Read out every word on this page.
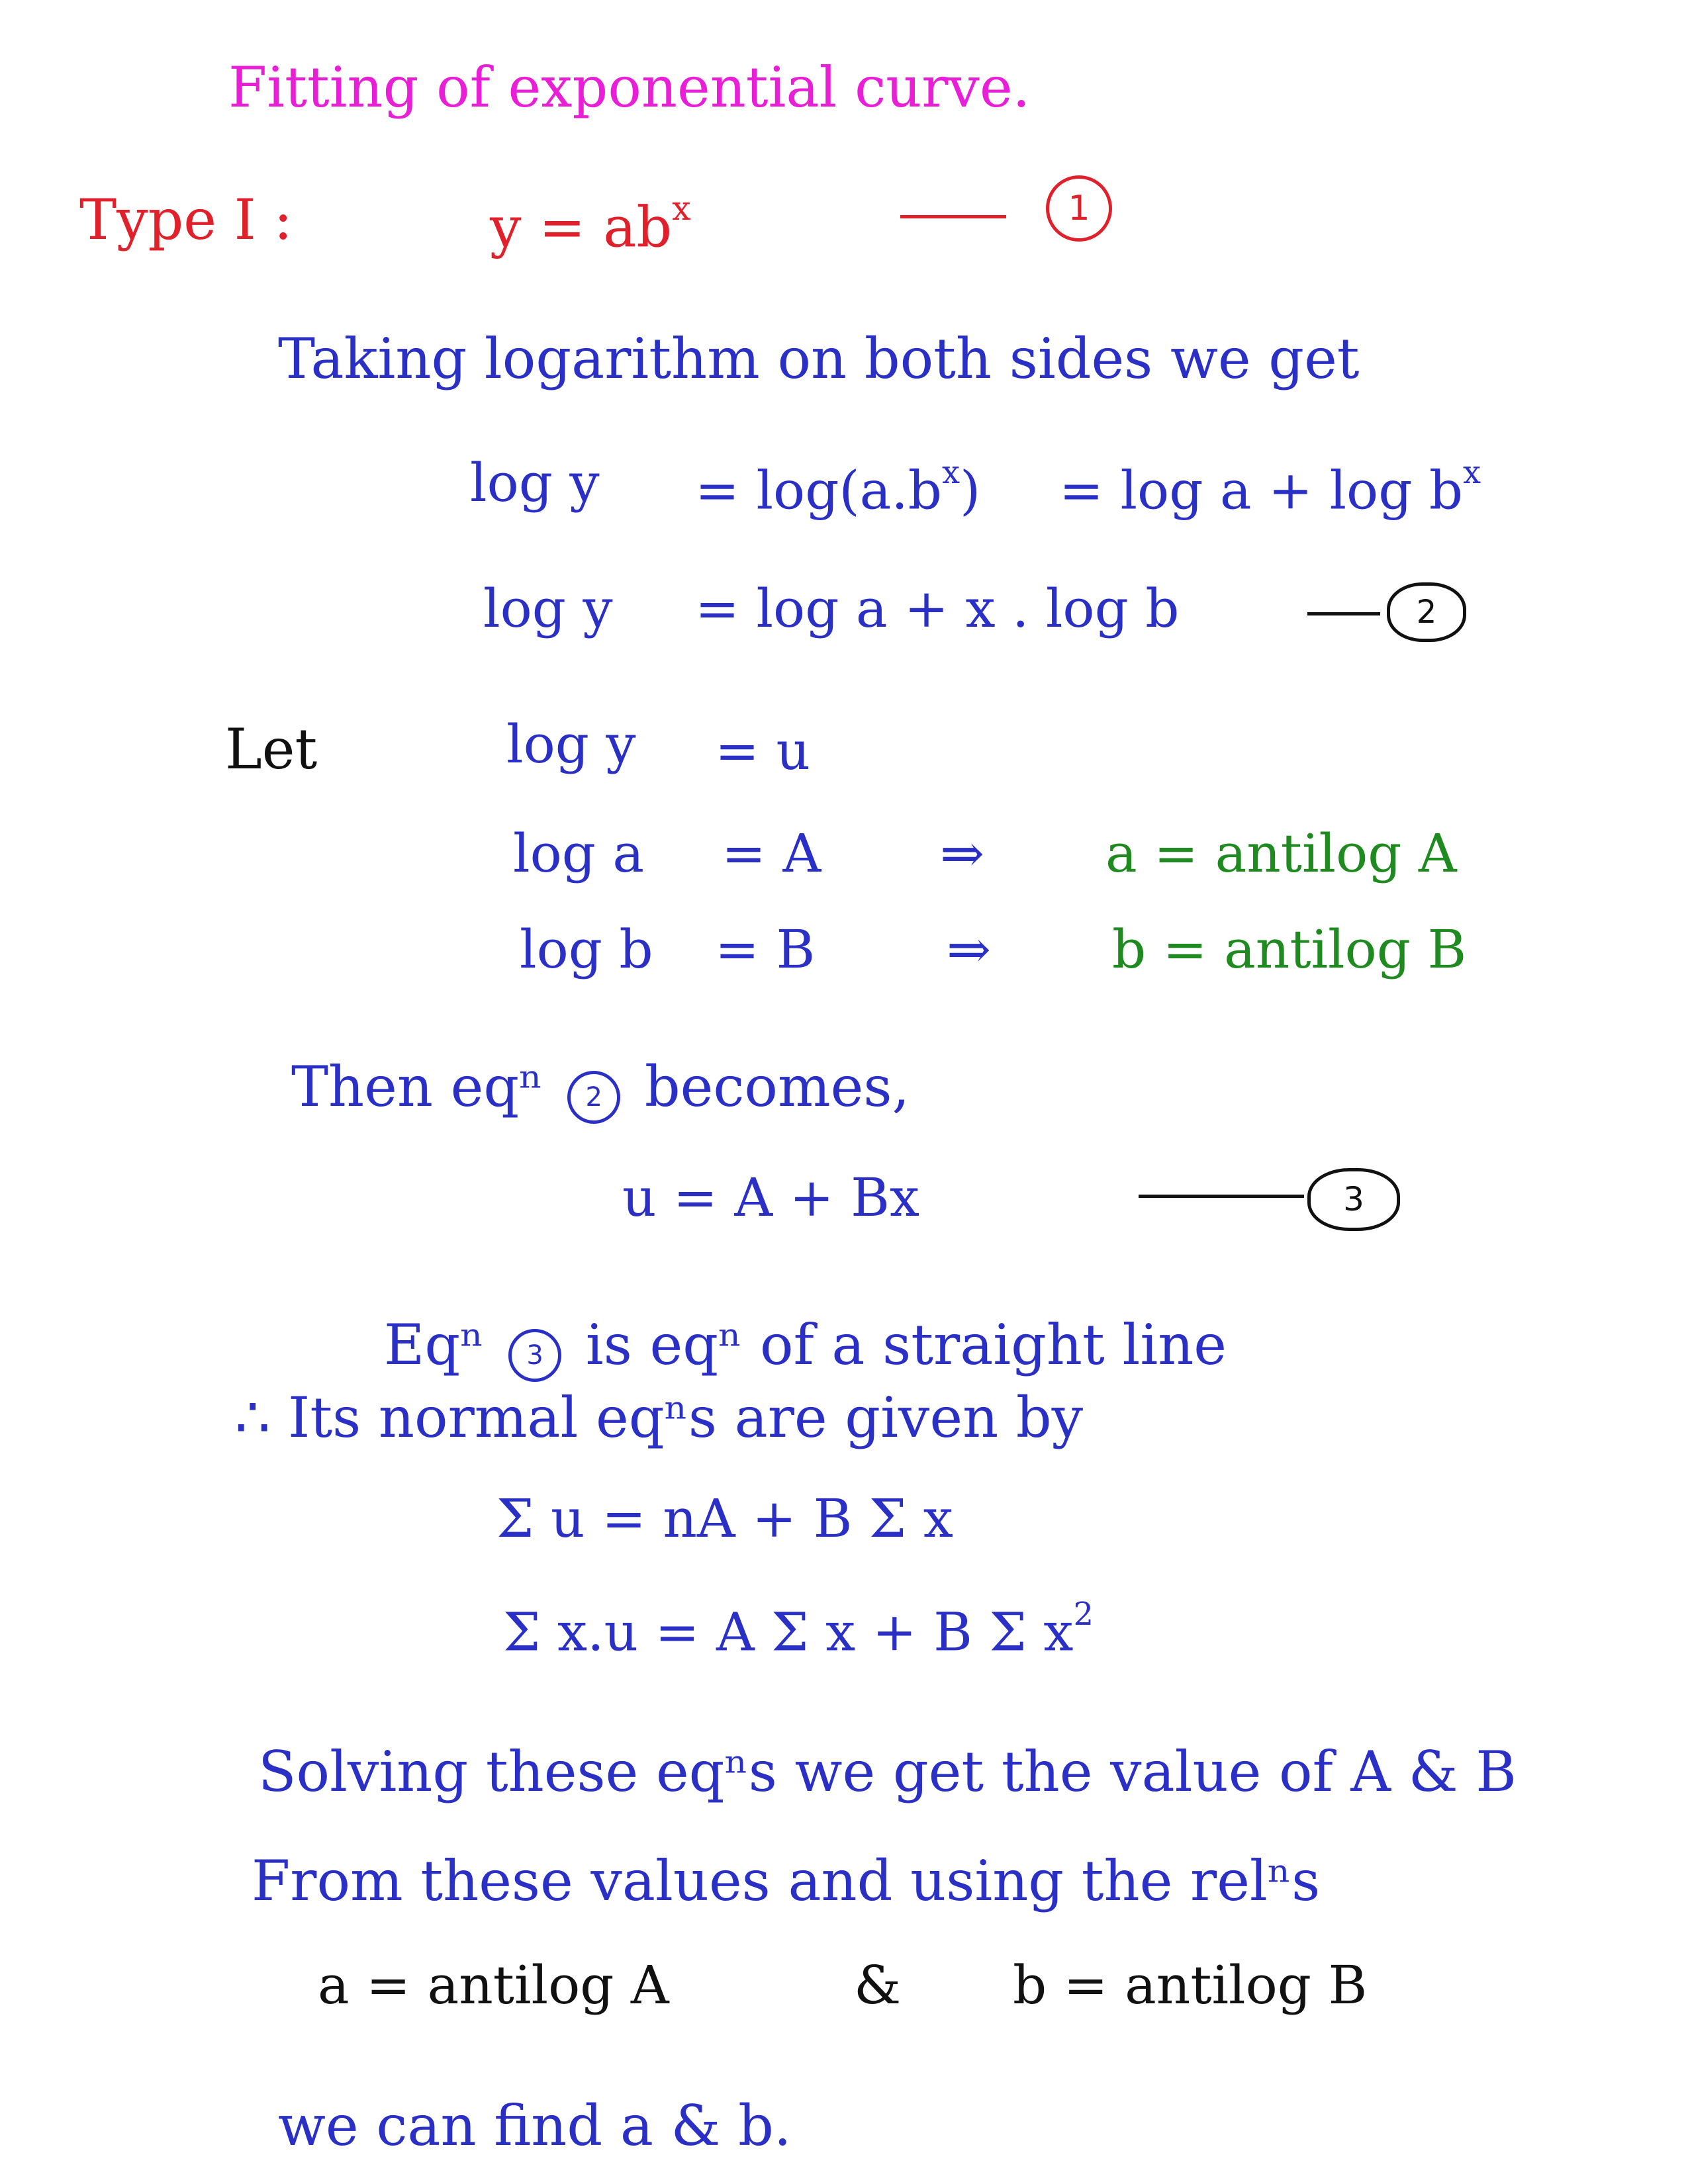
Fitting of exponential curve.
Type I :	$y = ab^x$	1
Taking logarithm on both sides we get
$\log y = \log(a.b^x) = \log a + \log b^x$
log y = log a + x . log b	2
Let	log y = u
log a = A ⇒ a = antilog A
log b = B ⇒ b = antilog B
Then eqⁿ 2 becomes,
u = A + Bx	3
Eqⁿ 3 is eqⁿ of a straight line
∴ Its normal eqⁿs are given by
Σ u = nA + B Σ x
Σ x.u = A Σ x + B Σ $x^2$
Solving these eqⁿs we get the value of A & B
From these values and using the relⁿs
a = antilog A	& b = antilog B
we can find a & b.
